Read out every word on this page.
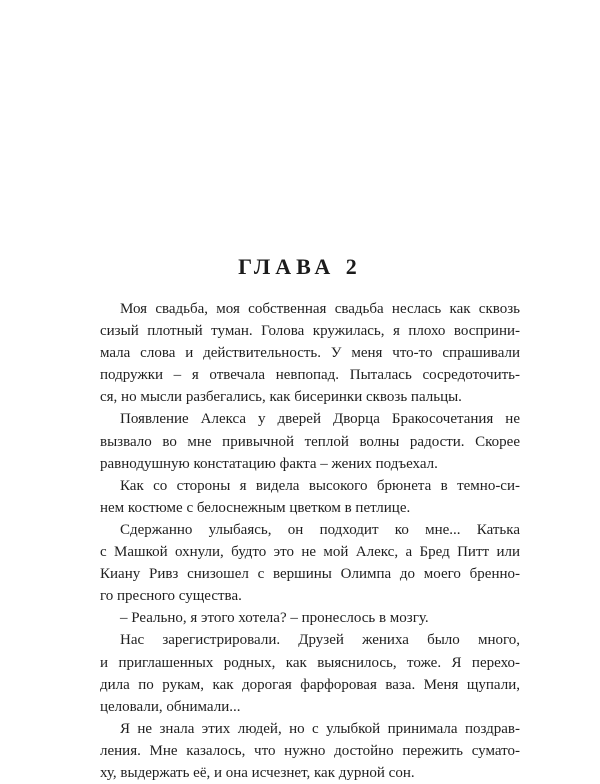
ГЛАВА 2
Моя свадьба, моя собственная свадьба неслась как сквозь
сизый плотный туман. Голова кружилась, я плохо восприни-
мала слова и действительность. У меня что-то спрашивали
подружки – я отвечала невпопад. Пыталась сосредоточить-
ся, но мысли разбегались, как бисеринки сквозь пальцы.
Появление Алекса у дверей Дворца Бракосочетания не
вызвало во мне привычной теплой волны радости. Скорее
равнодушную констатацию факта – жених подъехал.
Как со стороны я видела высокого брюнета в темно-си-
нем костюме с белоснежным цветком в петлице.
Сдержанно улыбаясь, он подходит ко мне... Катька
с Машкой охнули, будто это не мой Алекс, а Бред Питт или
Киану Ривз снизошел с вершины Олимпа до моего бренно-
го пресного существа.
– Реально, я этого хотела? – пронеслось в мозгу.
Нас зарегистрировали. Друзей жениха было много,
и приглашенных родных, как выяснилось, тоже. Я перехо-
дила по рукам, как дорогая фарфоровая ваза. Меня щупали,
целовали, обнимали...
Я не знала этих людей, но с улыбкой принимала поздрав-
ления. Мне казалось, что нужно достойно пережить сумато-
ху, выдержать её, и она исчезнет, как дурной сон.
